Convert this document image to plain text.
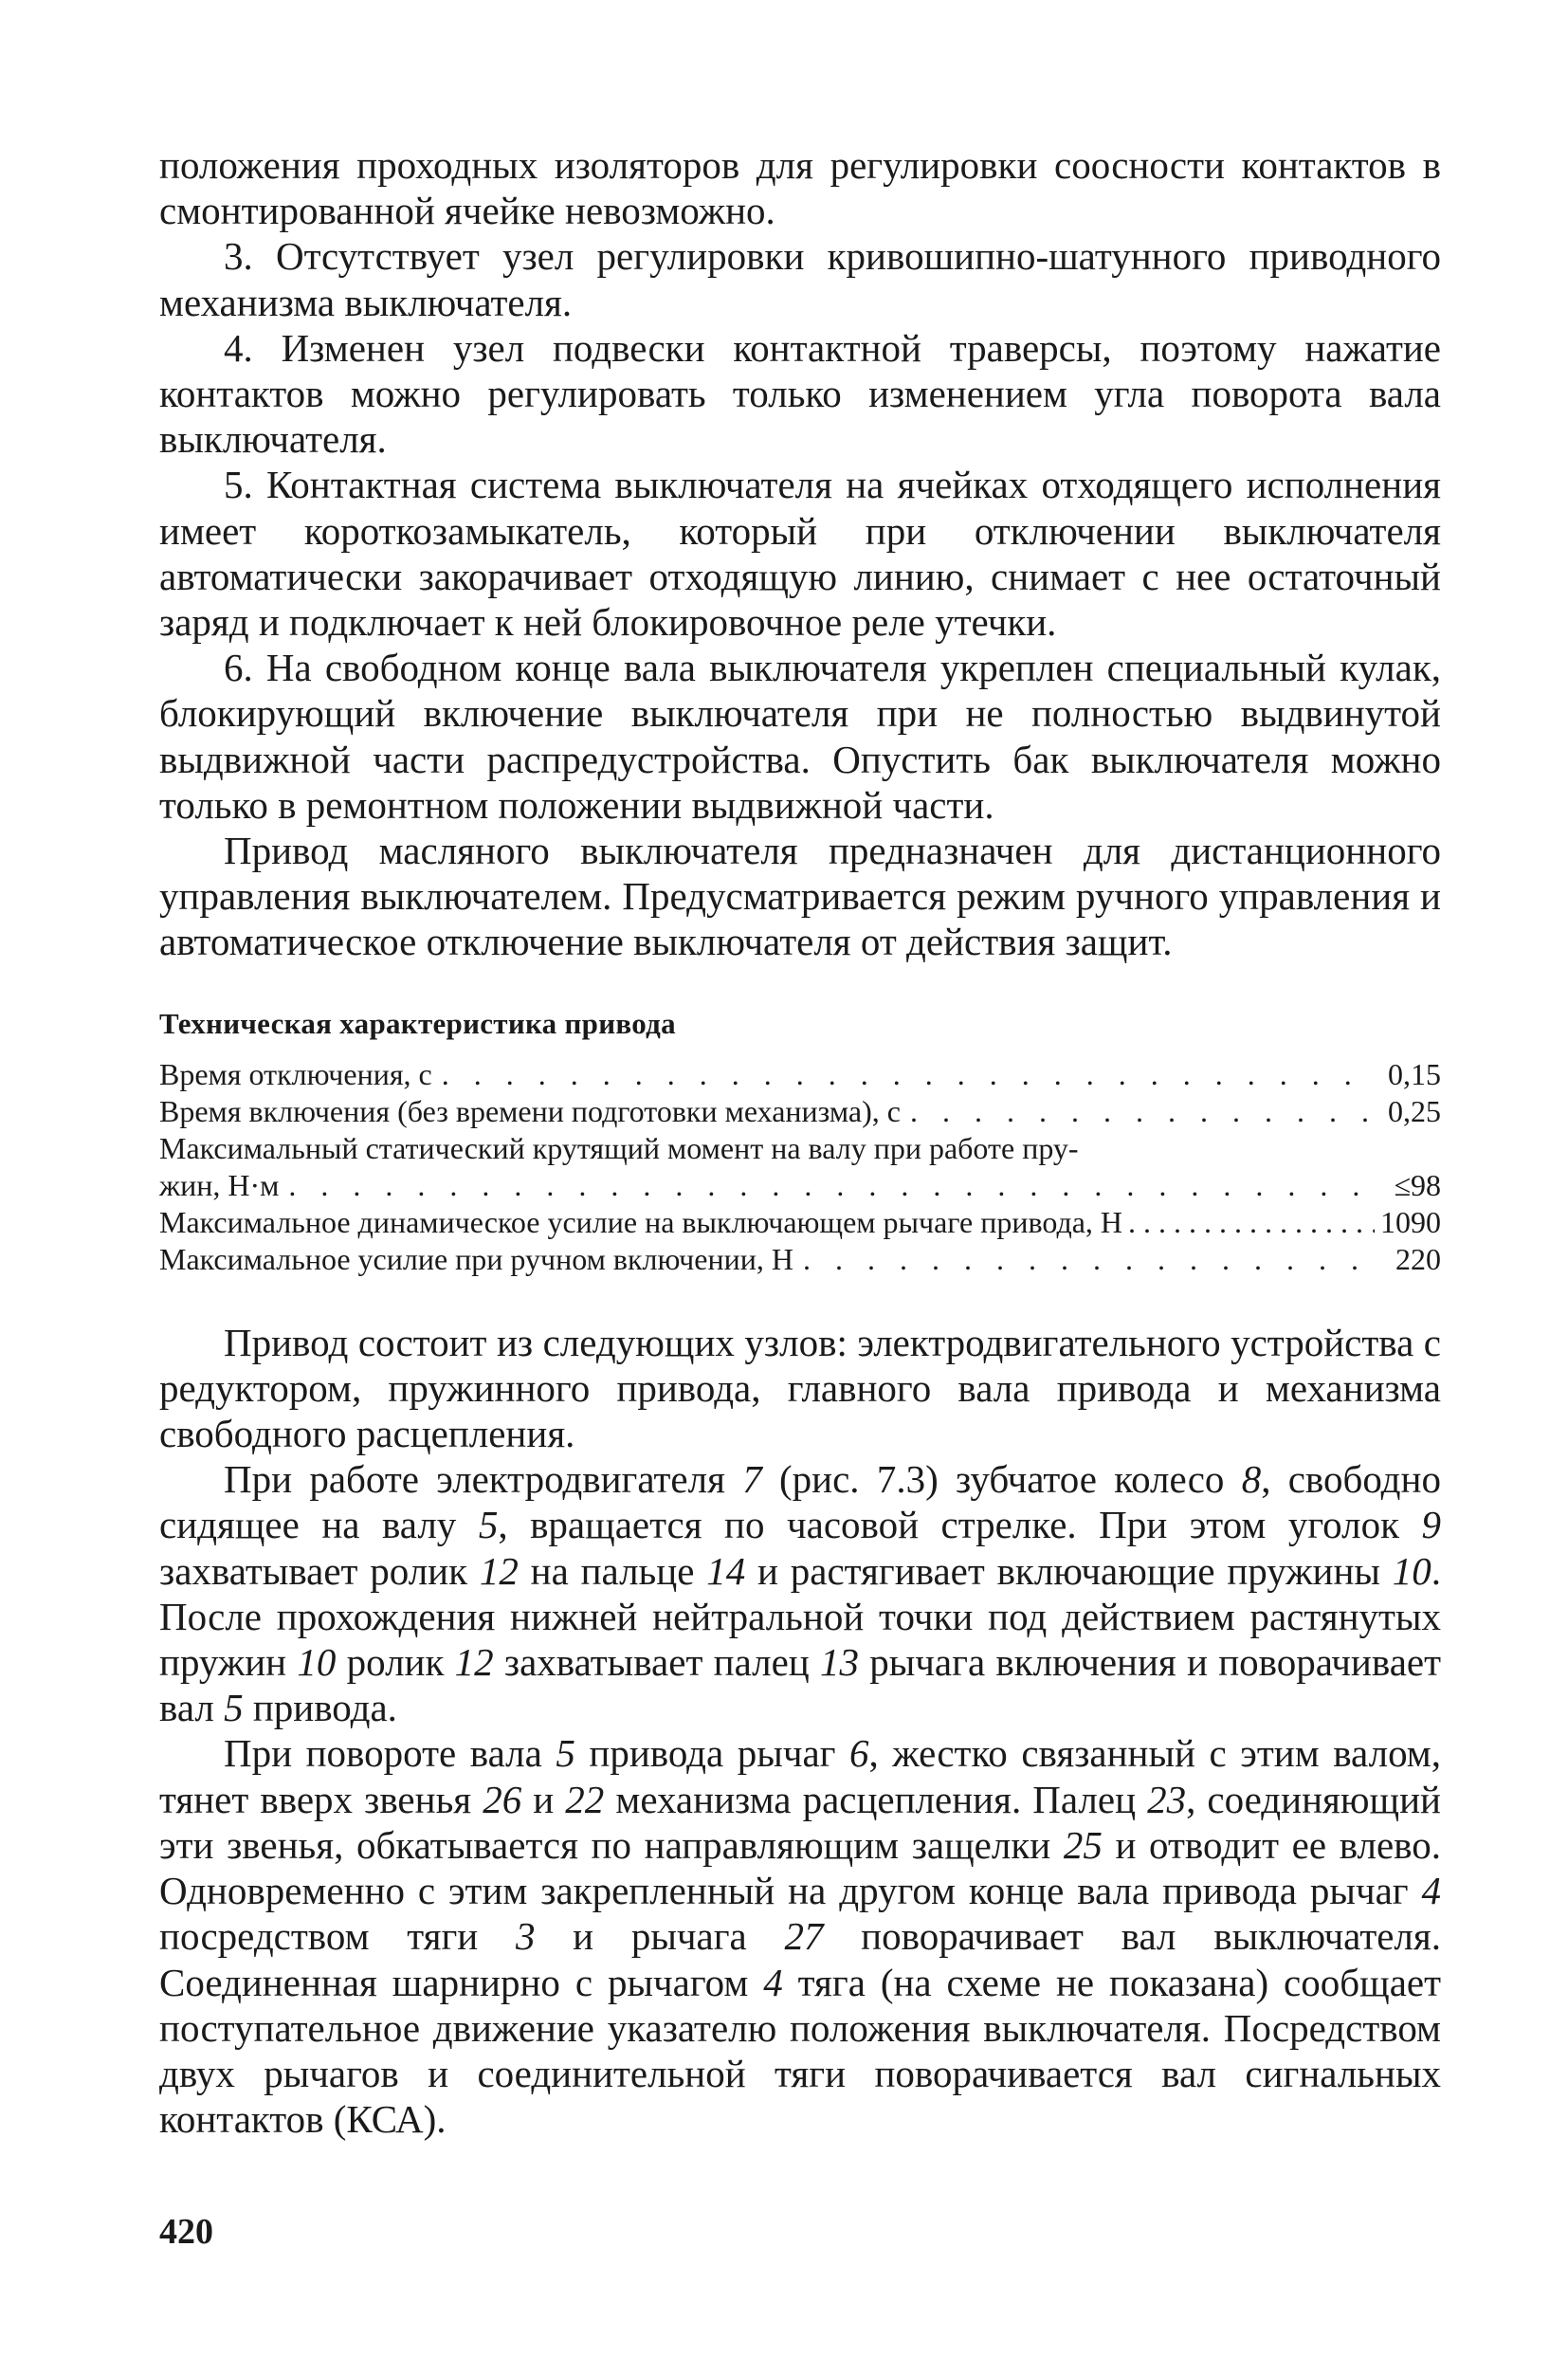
положения проходных изоляторов для регулировки соосности контактов в смонтированной ячейке невозможно.

3. Отсутствует узел регулировки кривошипно-шатунного приводного механизма выключателя.

4. Изменен узел подвески контактной траверсы, поэтому нажатие контактов можно регулировать только изменением угла поворота вала выключателя.

5. Контактная система выключателя на ячейках отходящего исполнения имеет короткозамыкатель, который при отключении выключателя автоматически закорачивает отходящую линию, снимает с нее остаточный заряд и подключает к ней блокировочное реле утечки.

6. На свободном конце вала выключателя укреплен специальный кулак, блокирующий включение выключателя при не полностью выдвинутой выдвижной части распредустройства. Опустить бак выключателя можно только в ремонтном положении выдвижной части.

Привод масляного выключателя предназначен для дистанционного управления выключателем. Предусматривается режим ручного управления и автоматическое отключение выключателя от действия защит.

Техническая характеристика привода
Время отключения, с . . .	0,15
Время включения (без времени подготовки механизма), с . . .	0,25
Максимальный статический крутящий момент на валу при работе пру-
жин, Н·м . . .	≤98
Максимальное динамическое усилие на выключающем рычаге привода, Н . . .	1090
Максимальное усилие при ручном включении, Н . . .	220

Привод состоит из следующих узлов: электродвигательного устройства с редуктором, пружинного привода, главного вала привода и механизма свободного расцепления.

При работе электродвигателя 7 (рис. 7.3) зубчатое колесо 8, свободно сидящее на валу 5, вращается по часовой стрелке. При этом уголок 9 захватывает ролик 12 на пальце 14 и растягивает включающие пружины 10. После прохождения нижней нейтральной точки под действием растянутых пружин 10 ролик 12 захватывает палец 13 рычага включения и поворачивает вал 5 привода.

При повороте вала 5 привода рычаг 6, жестко связанный с этим валом, тянет вверх звенья 26 и 22 механизма расцепления. Палец 23, соединяющий эти звенья, обкатывается по направляющим защелки 25 и отводит ее влево. Одновременно с этим закрепленный на другом конце вала привода рычаг 4 посредством тяги 3 и рычага 27 поворачивает вал выключателя. Соединенная шарнирно с рычагом 4 тяга (на схеме не показана) сообщает поступательное движение указателю положения выключателя. Посредством двух рычагов и соединительной тяги поворачивается вал сигнальных контактов (КСА).

420
